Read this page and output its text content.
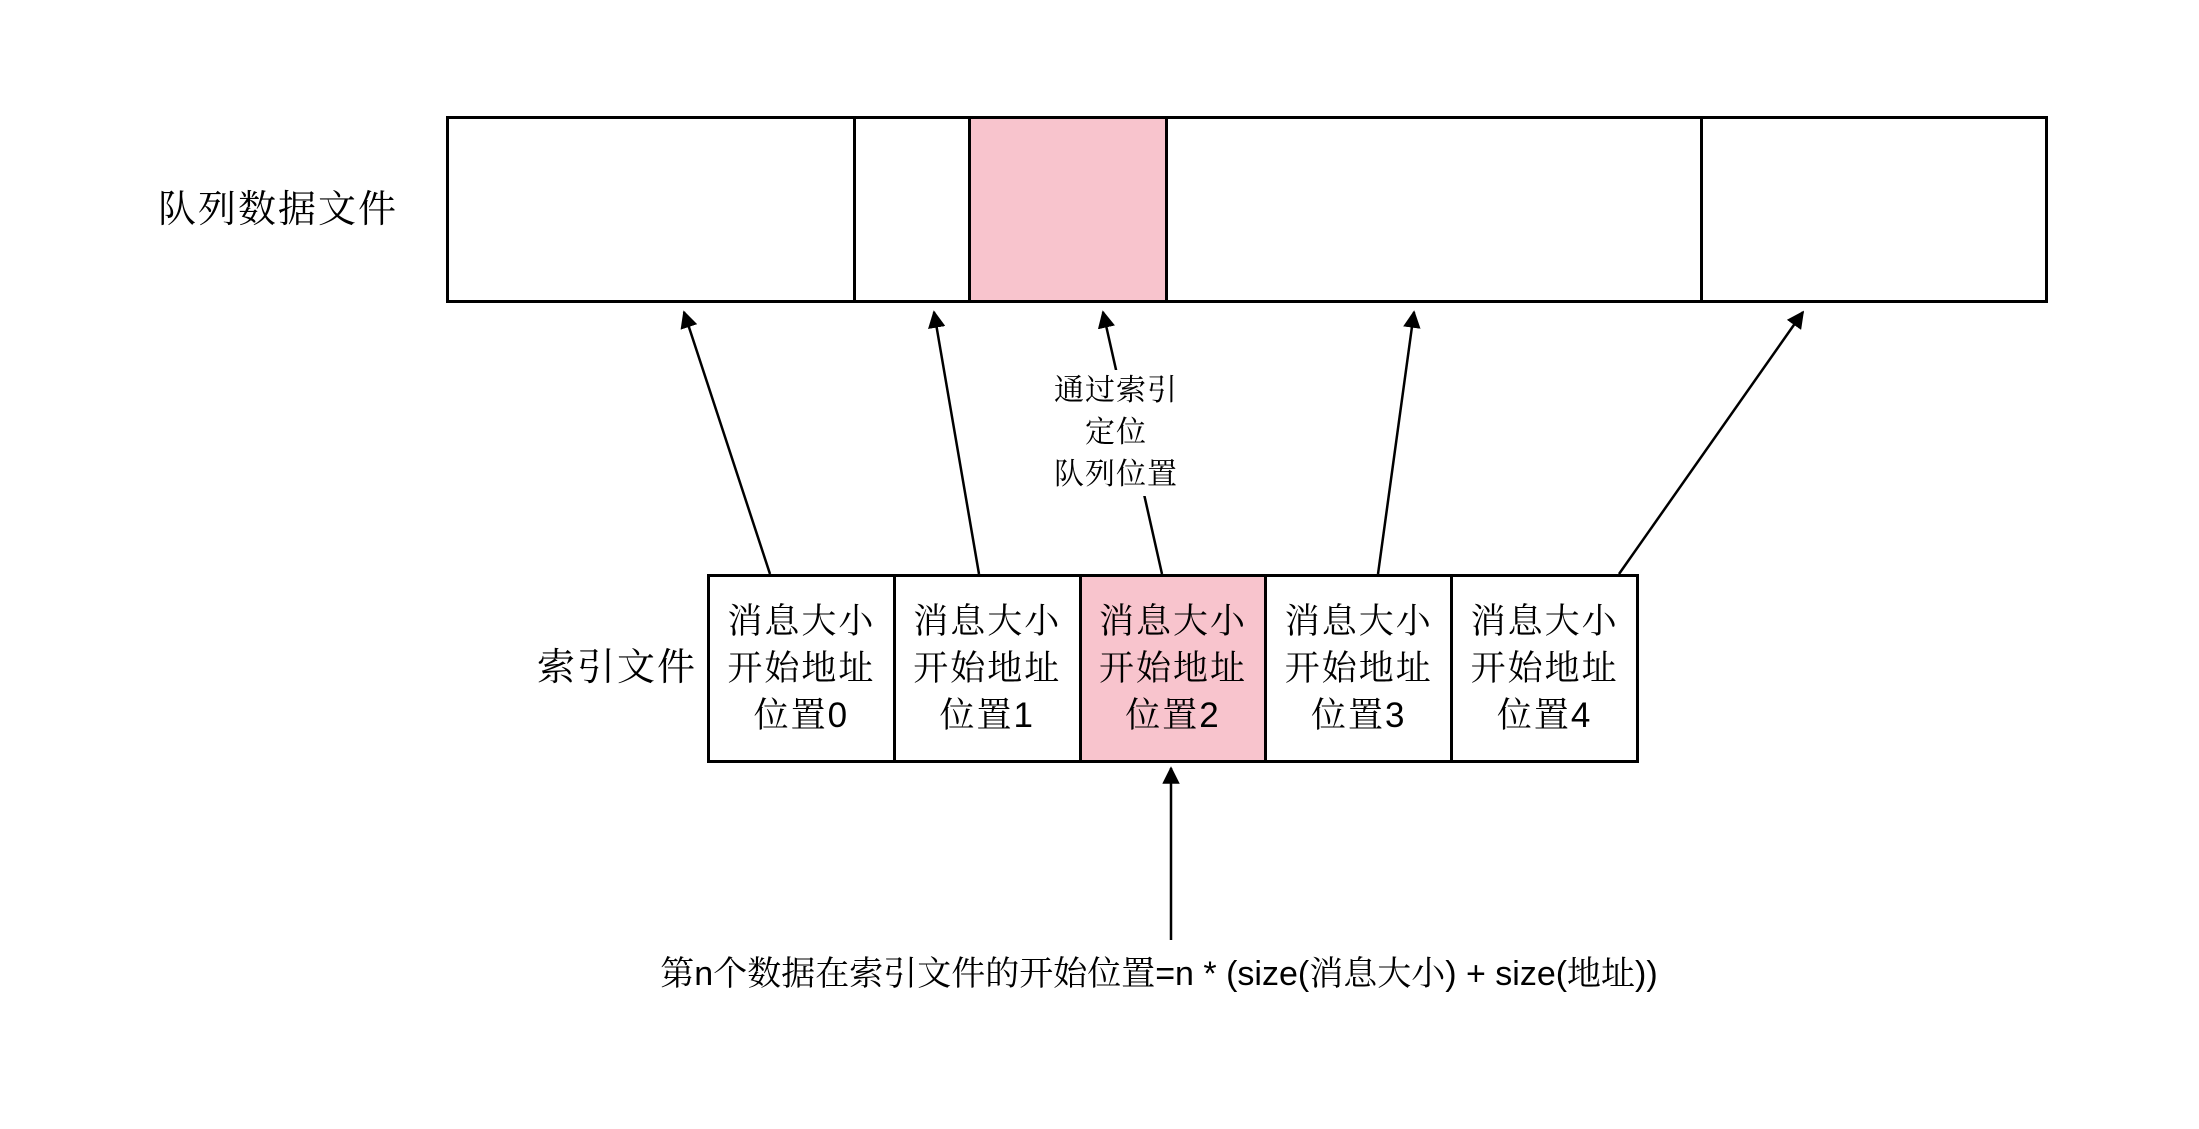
队列数据文件
通过索引
定位
队列位置
消息大小
开始地址
位置0
消息大小
开始地址
位置1
消息大小
开始地址
位置2
消息大小
开始地址
位置3
消息大小
开始地址
位置4
索引文件
第n个数据在索引文件的开始位置=n * (size(消息大小) + size(地址))
